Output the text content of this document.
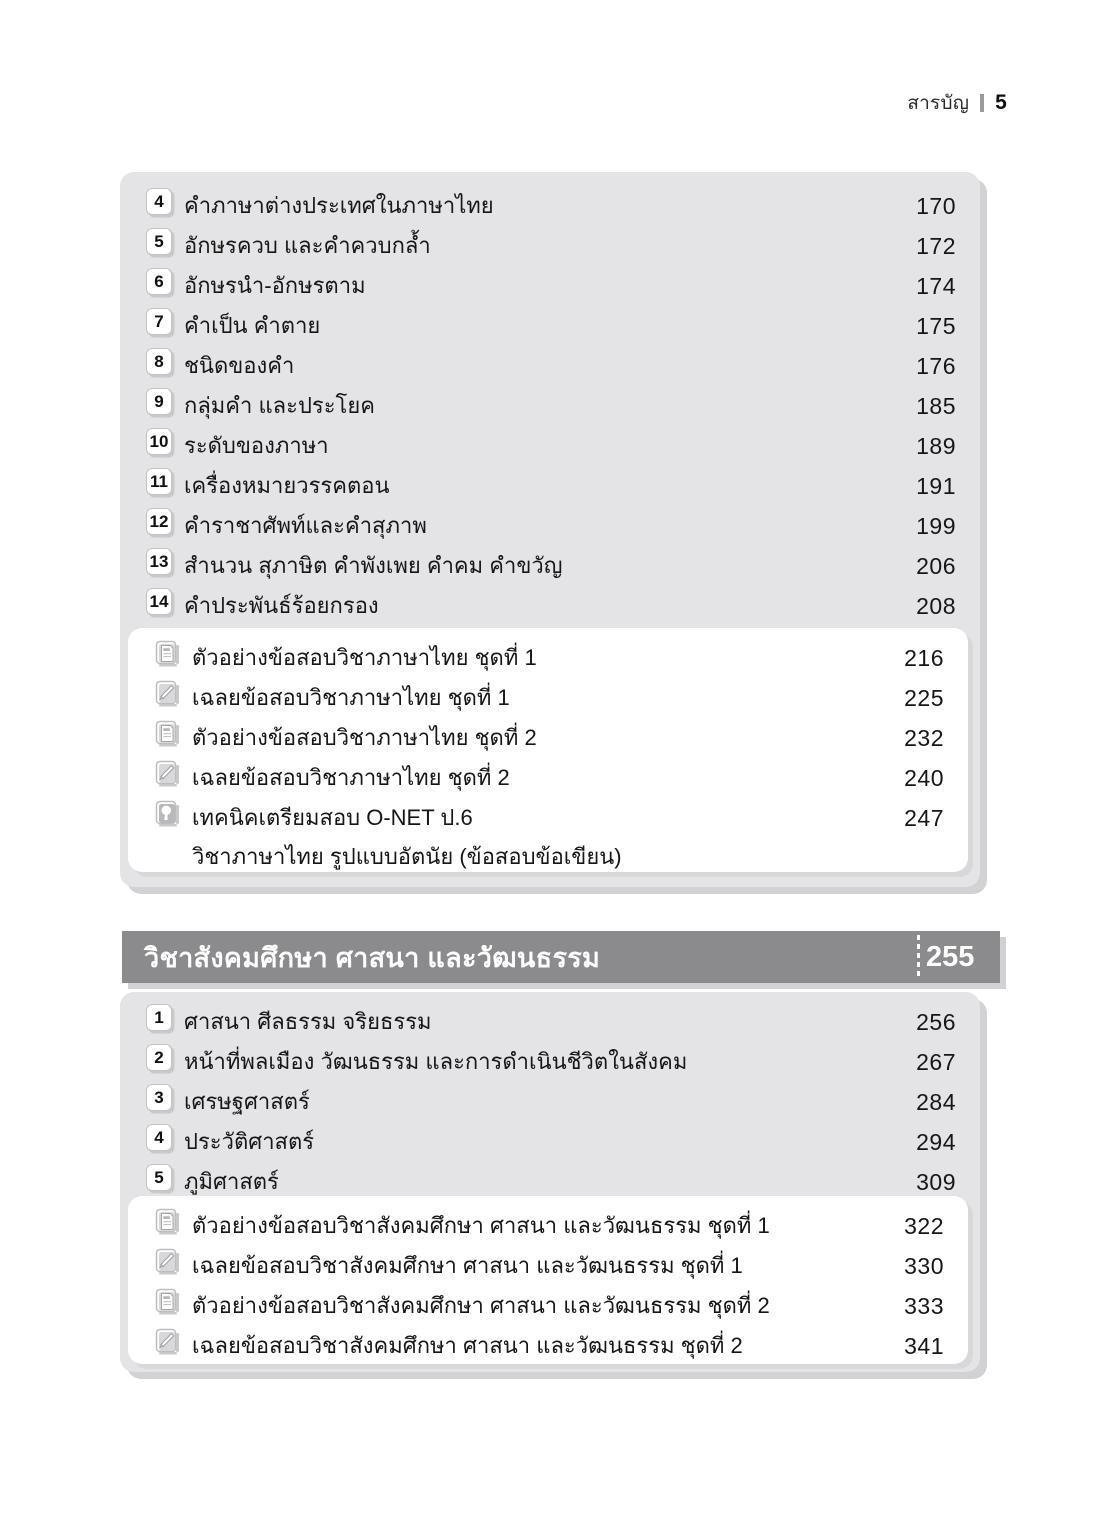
สารบัญ 5
4 คำภาษาต่างประเทศในภาษาไทย	170
5 อักษรควบ และคำควบกล้ำ	172
6 อักษรนำ-อักษรตาม	174
7 คำเป็น คำตาย	175
8 ชนิดของคำ	176
9 กลุ่มคำ และประโยค	185
10 ระดับของภาษา	189
11 เครื่องหมายวรรคตอน	191
12 คำราชาศัพท์และคำสุภาพ	199
13 สำนวน สุภาษิต คำพังเพย คำคม คำขวัญ	206
14 คำประพันธ์ร้อยกรอง	208
ตัวอย่างข้อสอบวิชาภาษาไทย ชุดที่ 1	216
เฉลยข้อสอบวิชาภาษาไทย ชุดที่ 1	225
ตัวอย่างข้อสอบวิชาภาษาไทย ชุดที่ 2	232
เฉลยข้อสอบวิชาภาษาไทย ชุดที่ 2	240
เทคนิคเตรียมสอบ O-NET ป.6	247
วิชาภาษาไทย รูปแบบอัตนัย (ข้อสอบข้อเขียน)
วิชาสังคมศึกษา ศาสนา และวัฒนธรรม	255
1 ศาสนา ศีลธรรม จริยธรรม	256
2 หน้าที่พลเมือง วัฒนธรรม และการดำเนินชีวิตในสังคม	267
3 เศรษฐศาสตร์	284
4 ประวัติศาสตร์	294
5 ภูมิศาสตร์	309
ตัวอย่างข้อสอบวิชาสังคมศึกษา ศาสนา และวัฒนธรรม ชุดที่ 1	322
เฉลยข้อสอบวิชาสังคมศึกษา ศาสนา และวัฒนธรรม ชุดที่ 1	330
ตัวอย่างข้อสอบวิชาสังคมศึกษา ศาสนา และวัฒนธรรม ชุดที่ 2	333
เฉลยข้อสอบวิชาสังคมศึกษา ศาสนา และวัฒนธรรม ชุดที่ 2	341
